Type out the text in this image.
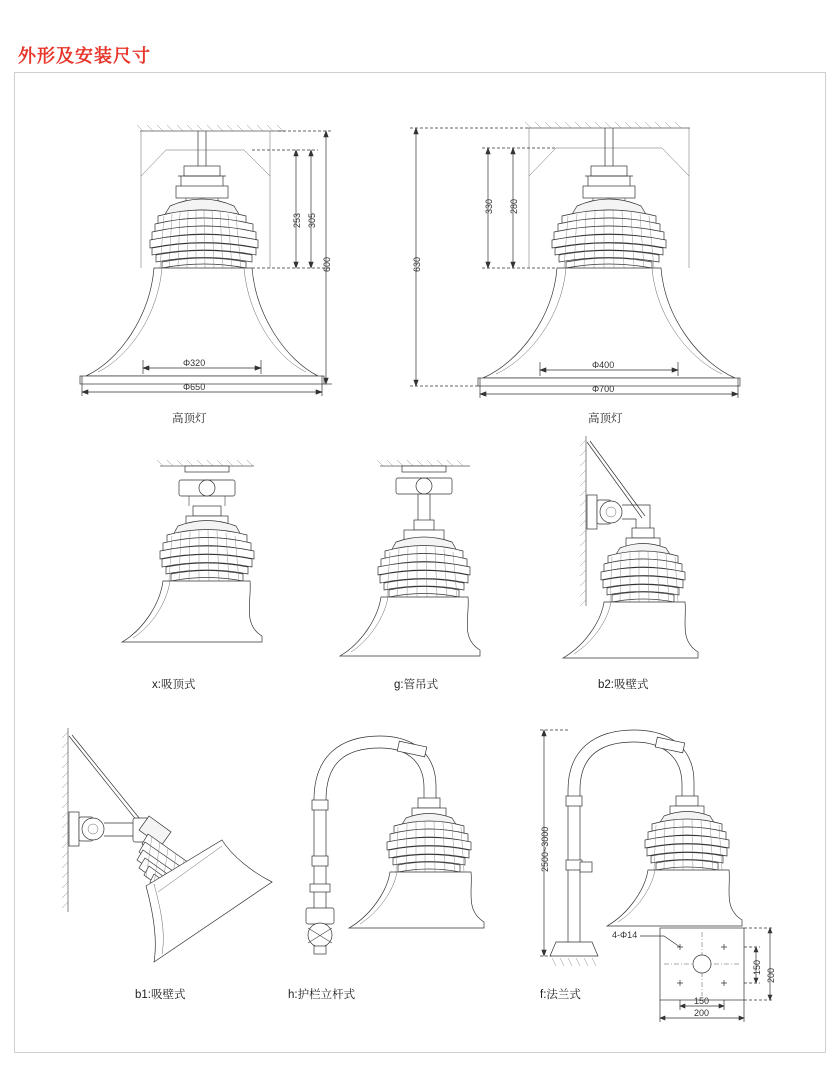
外形及安装尺寸
253 305
600
Φ320
Φ650
高顶灯
330 280
630
Φ400
Φ700
高顶灯
x:吸顶式	g:管吊式	b2:吸壁式
b1:吸壁式	h:护栏立杆式
2500~3000
4-Φ14
150
200
150
200
f:法兰式
